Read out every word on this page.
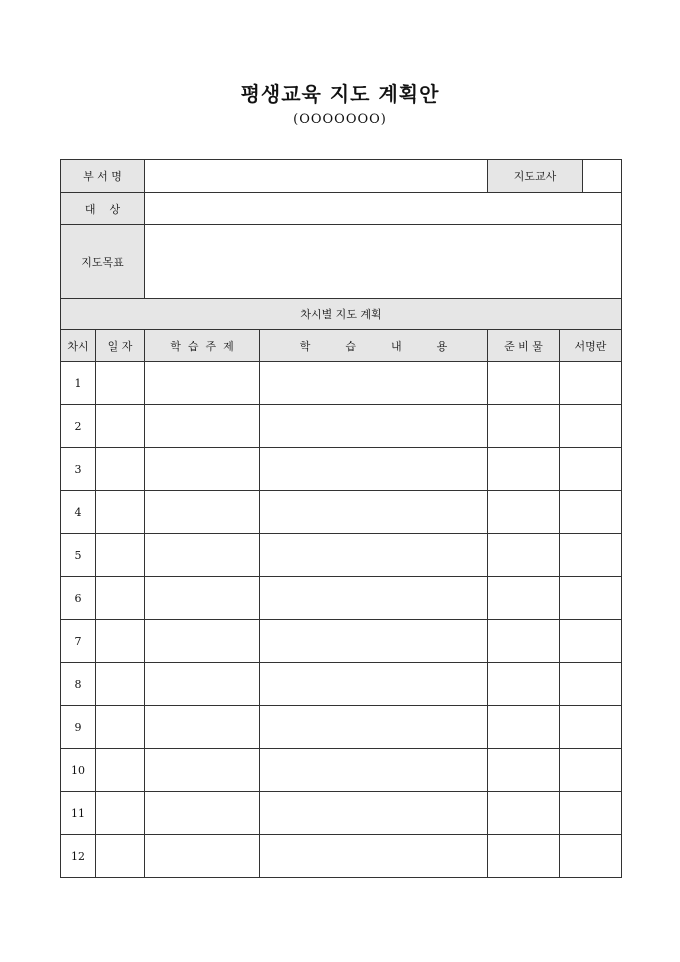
평생교육 지도 계획안
(OOOOOOO)
부 서 명				지도교사	

대    상					
지도목표					
차시별 지도 계획					
차시	일 자	학  습  주  제	학          습          내          용	준 비 물	서명란
1					
2					
3					
4					
5					
6					
7					
8					
9					
10					
11					
12					
